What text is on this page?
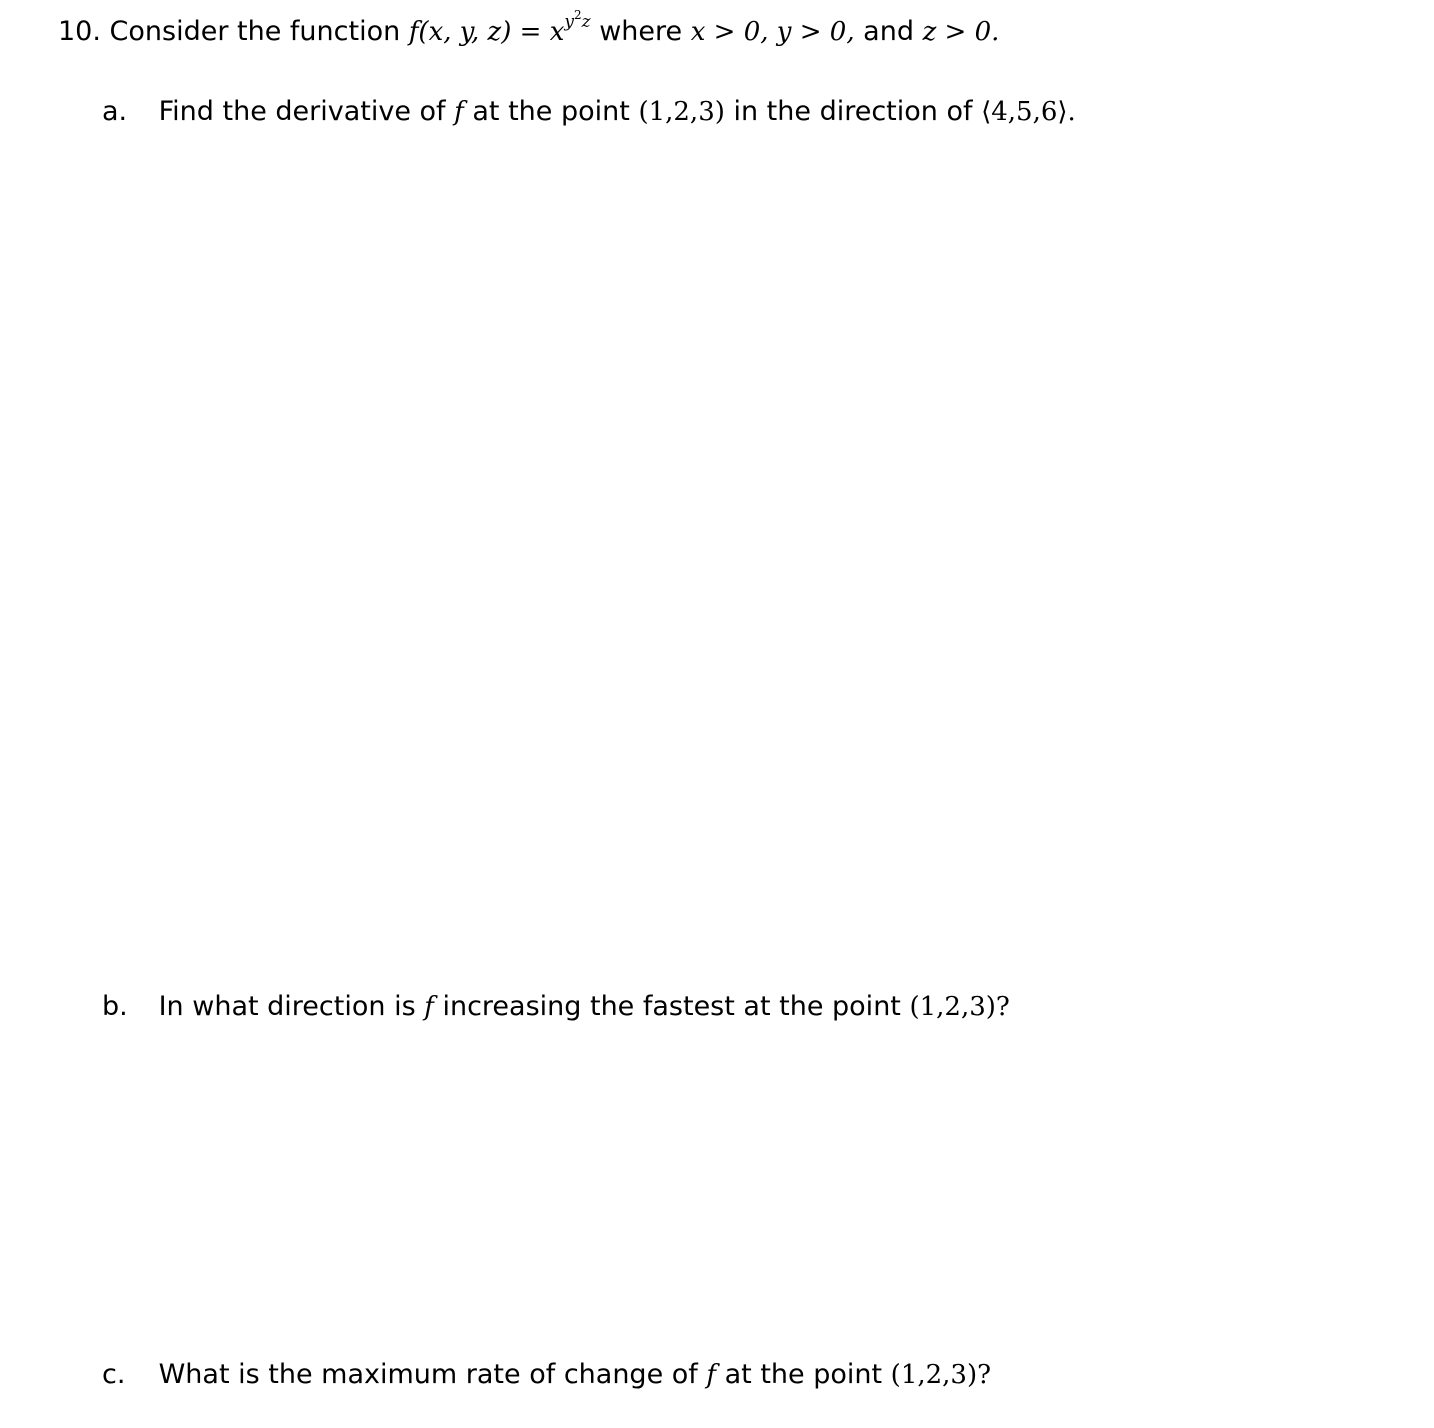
10. Consider the function f(x, y, $z) = x^{y2z}$ where x > 0, y > 0, and z > 0.
a. Find the derivative of f at the point (1,2,3) in the direction of ⟨4,5,6⟩.
b. In what direction is f increasing the fastest at the point (1,2,3)?
c. What is the maximum rate of change of f at the point (1,2,3)?
